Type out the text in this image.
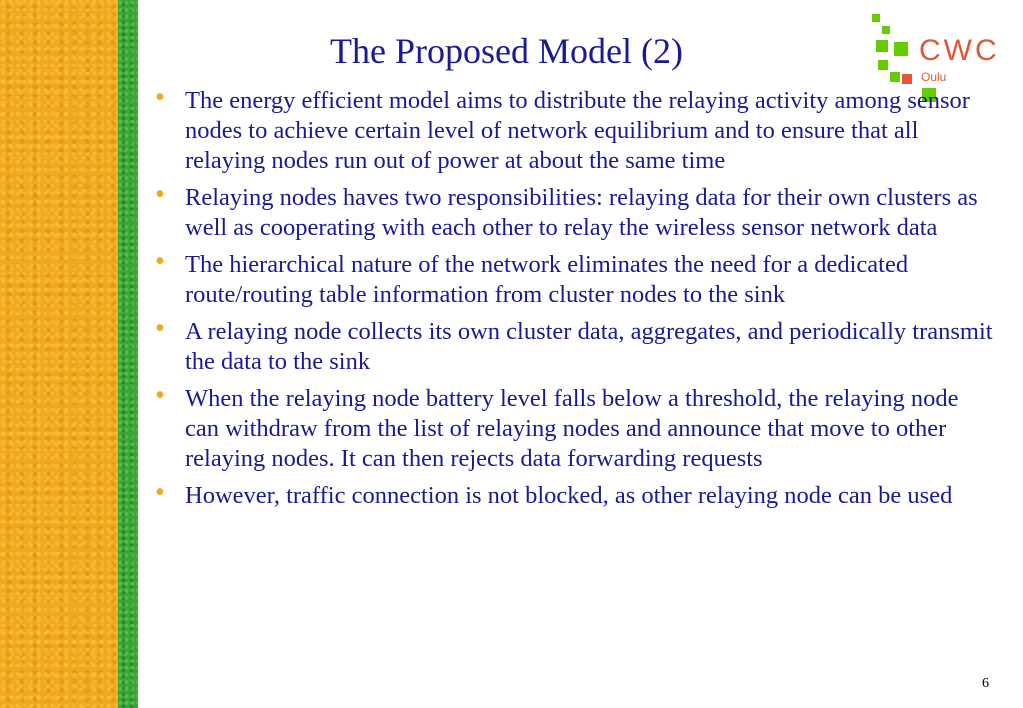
The Proposed Model (2)	CWC
Oulu
• The energy efficient model aims to distribute the relaying activity among sensor nodes to achieve certain level of network equilibrium and to ensure that all relaying nodes run out of power at about the same time
• Relaying nodes haves two responsibilities: relaying data for their own clusters as well as cooperating with each other to relay the wireless sensor network data
• The hierarchical nature of the network eliminates the need for a dedicated route/routing table information from cluster nodes to the sink
• A relaying node collects its own cluster data, aggregates, and periodically transmit the data to the sink
• When the relaying node battery level falls below a threshold, the relaying node can withdraw from the list of relaying nodes and announce that move to other relaying nodes. It can then rejects data forwarding requests
• However, traffic connection is not blocked, as other relaying node can be used
6
